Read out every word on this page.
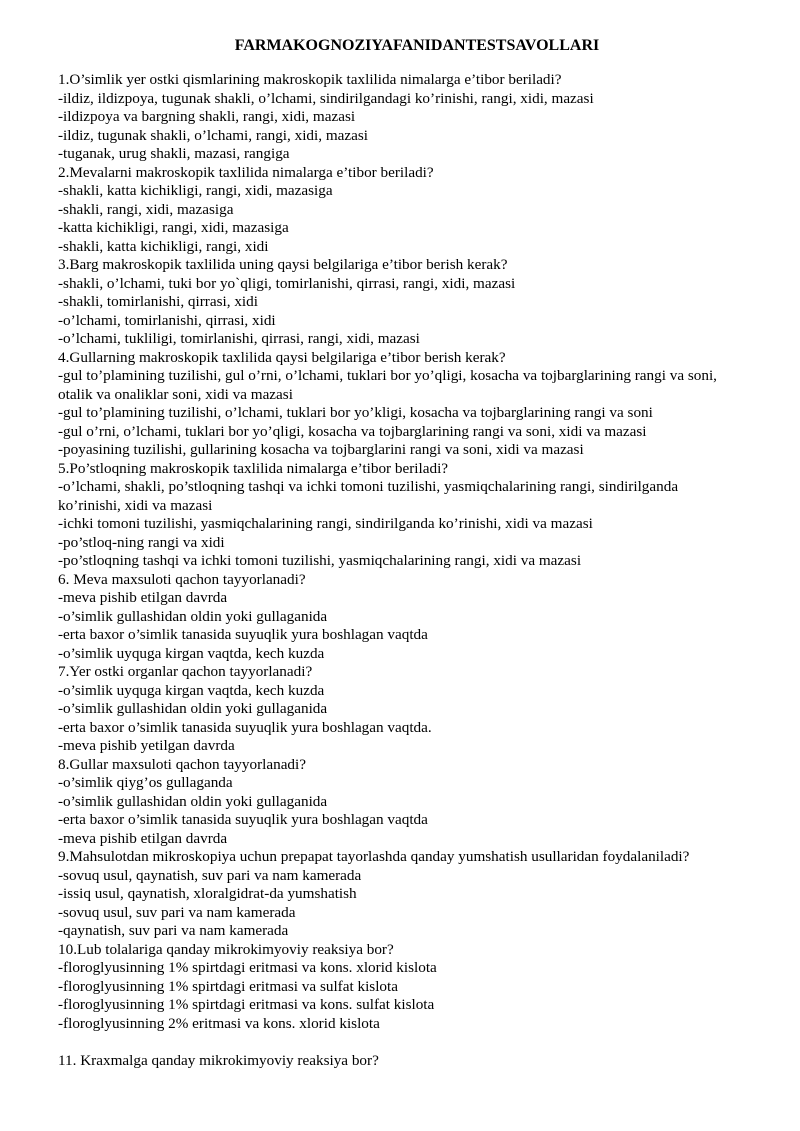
FARMAKOGNOZIYAFANIDANTESTSAVOLLARI
1.O’simlik yer ostki qismlarining makroskopik taxlilida nimalarga e’tibor beriladi?
-ildiz, ildizpoya, tugunak shakli, o’lchami, sindirilgandagi ko’rinishi, rangi, xidi, mazasi
-ildizpoya va bargning shakli, rangi, xidi, mazasi
-ildiz, tugunak shakli, o’lchami, rangi, xidi, mazasi
-tuganak, urug shakli, mazasi, rangiga
2.Mevalarni makroskopik taxlilida nimalarga e’tibor beriladi?
-shakli, katta kichikligi, rangi, xidi, mazasiga
-shakli, rangi, xidi, mazasiga
-katta kichikligi, rangi, xidi, mazasiga
-shakli, katta kichikligi, rangi, xidi
3.Barg makroskopik taxlilida uning qaysi belgilariga e’tibor berish kerak?
-shakli, o’lchami, tuki bor yo`qligi, tomirlanishi, qirrasi, rangi, xidi, mazasi
-shakli, tomirlanishi, qirrasi, xidi
-o’lchami, tomirlanishi, qirrasi, xidi
-o’lchami, tukliligi, tomirlanishi, qirrasi, rangi, xidi, mazasi
4.Gullarning makroskopik taxlilida qaysi belgilariga e’tibor berish kerak?
-gul to’plamining tuzilishi, gul o’rni, o’lchami, tuklari bor yo’qligi, kosacha va tojbarglarining rangi va soni,
otalik va onaliklar soni, xidi va mazasi
-gul to’plamining tuzilishi, o’lchami, tuklari bor yo’kligi, kosacha va tojbarglarining rangi va soni
-gul o’rni, o’lchami, tuklari bor yo’qligi, kosacha va tojbarglarining rangi va soni, xidi va mazasi
-poyasining tuzilishi, gullarining kosacha va tojbarglarini rangi va soni, xidi va mazasi
5.Po’stloqning makroskopik taxlilida nimalarga e’tibor beriladi?
-o’lchami, shakli, po’stloqning tashqi va ichki tomoni tuzilishi, yasmiqchalarining rangi, sindirilganda
ko’rinishi, xidi va mazasi
-ichki tomoni tuzilishi, yasmiqchalarining rangi, sindirilganda ko’rinishi, xidi va mazasi
-po’stloq-ning rangi va xidi
-po’stloqning tashqi va ichki tomoni tuzilishi, yasmiqchalarining rangi, xidi va mazasi
6. Meva maxsuloti qachon tayyorlanadi?
-meva pishib etilgan davrda
-o’simlik gullashidan oldin yoki gullaganida
-erta baxor o’simlik tanasida suyuqlik yura boshlagan vaqtda
-o’simlik uyquga kirgan vaqtda, kech kuzda
7.Yer ostki organlar qachon tayyorlanadi?
-o’simlik uyquga kirgan vaqtda, kech kuzda
-o’simlik gullashidan oldin yoki gullaganida
-erta baxor o’simlik tanasida suyuqlik yura boshlagan vaqtda.
-meva pishib yetilgan davrda
8.Gullar maxsuloti qachon tayyorlanadi?
-o’simlik qiyg’os gullaganda
-o’simlik gullashidan oldin yoki gullaganida
-erta baxor o’simlik tanasida suyuqlik yura boshlagan vaqtda
-meva pishib etilgan davrda
9.Mahsulotdan mikroskopiya uchun prepapat tayorlashda qanday yumshatish usullaridan foydalaniladi?
-sovuq usul, qaynatish, suv pari va nam kamerada
-issiq usul, qaynatish, xloralgidrat-da yumshatish
-sovuq usul, suv pari va nam kamerada
-qaynatish, suv pari va nam kamerada
10.Lub tolalariga qanday mikrokimyoviy reaksiya bor?
-floroglyusinning 1% spirtdagi eritmasi va kons. xlorid kislota
-floroglyusinning 1% spirtdagi eritmasi va sulfat kislota
-floroglyusinning 1% spirtdagi eritmasi va kons. sulfat kislota
-floroglyusinning 2% eritmasi va kons. xlorid kislota
11. Kraxmalga qanday mikrokimyoviy reaksiya bor?
